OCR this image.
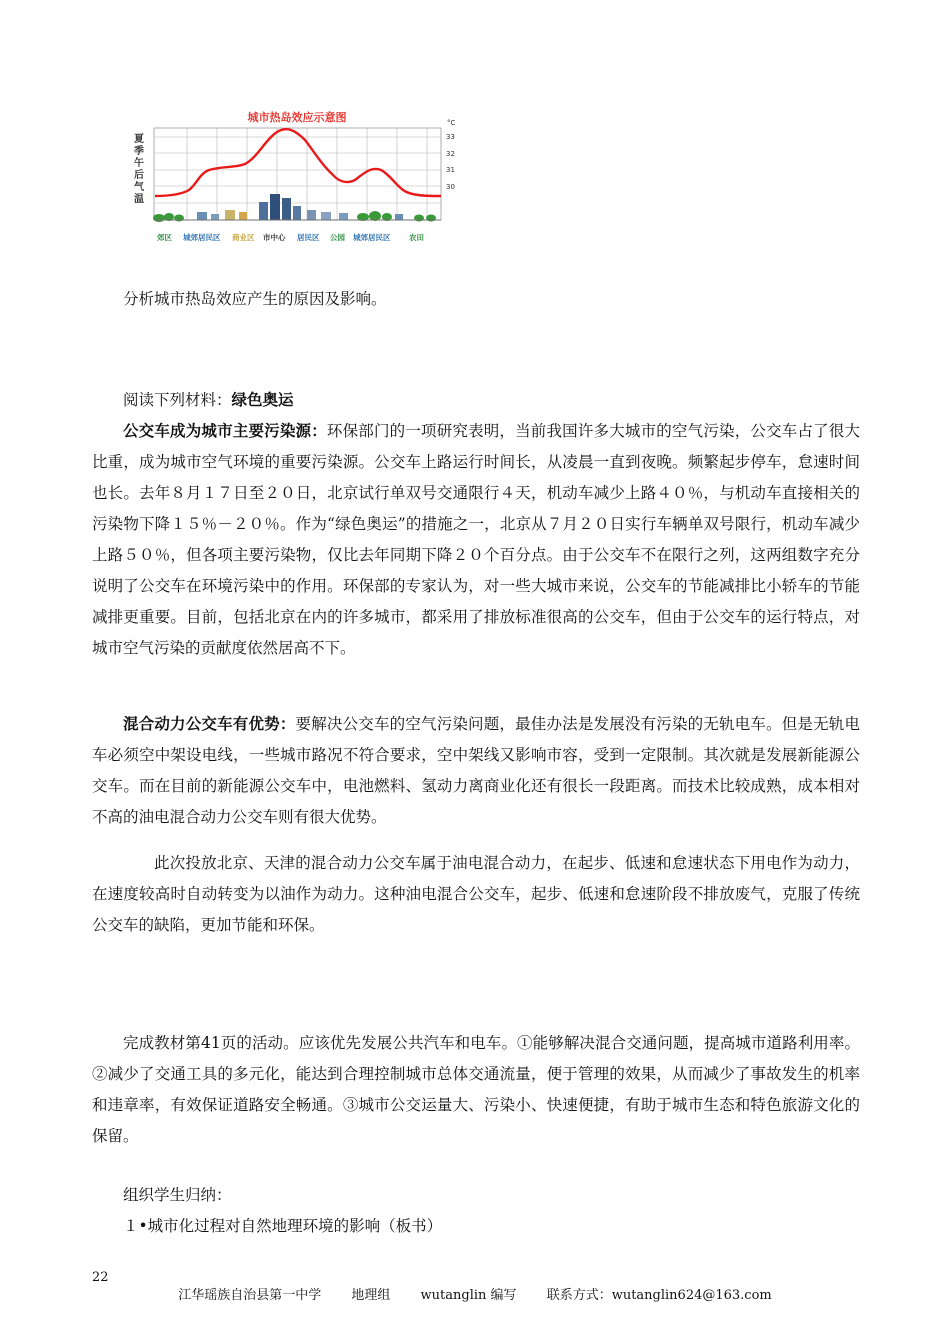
城市热岛效应示意图
夏季午后气温
°C
33
32
31
30
郊区 城郊居民区 商业区 市中心 居民区 公园 城郊居民区 农田

分析城市热岛效应产生的原因及影响。

阅读下列材料：绿色奥运

公交车成为城市主要污染源：环保部门的一项研究表明，当前我国许多大城市的空气污染，公交车占了很大比重，成为城市空气环境的重要污染源。公交车上路运行时间长，从凌晨一直到夜晚。频繁起步停车，怠速时间也长。去年８月１７日至２０日，北京试行单双号交通限行４天，机动车减少上路４０％，与机动车直接相关的污染物下降１５％－２０％。作为“绿色奥运”的措施之一，北京从７月２０日实行车辆单双号限行，机动车减少上路５０％，但各项主要污染物，仅比去年同期下降２０个百分点。由于公交车不在限行之列，这两组数字充分说明了公交车在环境污染中的作用。环保部的专家认为，对一些大城市来说，公交车的节能减排比小轿车的节能减排更重要。目前，包括北京在内的许多城市，都采用了排放标准很高的公交车，但由于公交车的运行特点，对城市空气污染的贡献度依然居高不下。

混合动力公交车有优势：要解决公交车的空气污染问题，最佳办法是发展没有污染的无轨电车。但是无轨电车必须空中架设电线，一些城市路况不符合要求，空中架线又影响市容，受到一定限制。其次就是发展新能源公交车。而在目前的新能源公交车中，电池燃料、氢动力离商业化还有很长一段距离。而技术比较成熟，成本相对不高的油电混合动力公交车则有很大优势。

此次投放北京、天津的混合动力公交车属于油电混合动力，在起步、低速和怠速状态下用电作为动力，在速度较高时自动转变为以油作为动力。这种油电混合公交车，起步、低速和怠速阶段不排放废气，克服了传统公交车的缺陷，更加节能和环保。

完成教材第41页的活动。应该优先发展公共汽车和电车。①能够解决混合交通问题，提高城市道路利用率。②减少了交通工具的多元化，能达到合理控制城市总体交通流量，便于管理的效果，从而减少了事故发生的机率和违章率，有效保证道路安全畅通。③城市公交运量大、污染小、快速便捷，有助于城市生态和特色旅游文化的保留。

组织学生归纳：

１•城市化过程对自然地理环境的影响（板书）

22
江华瑶族自治县第一中学 地理组 wutanglin 编写 联系方式：wutanglin624@163.com
